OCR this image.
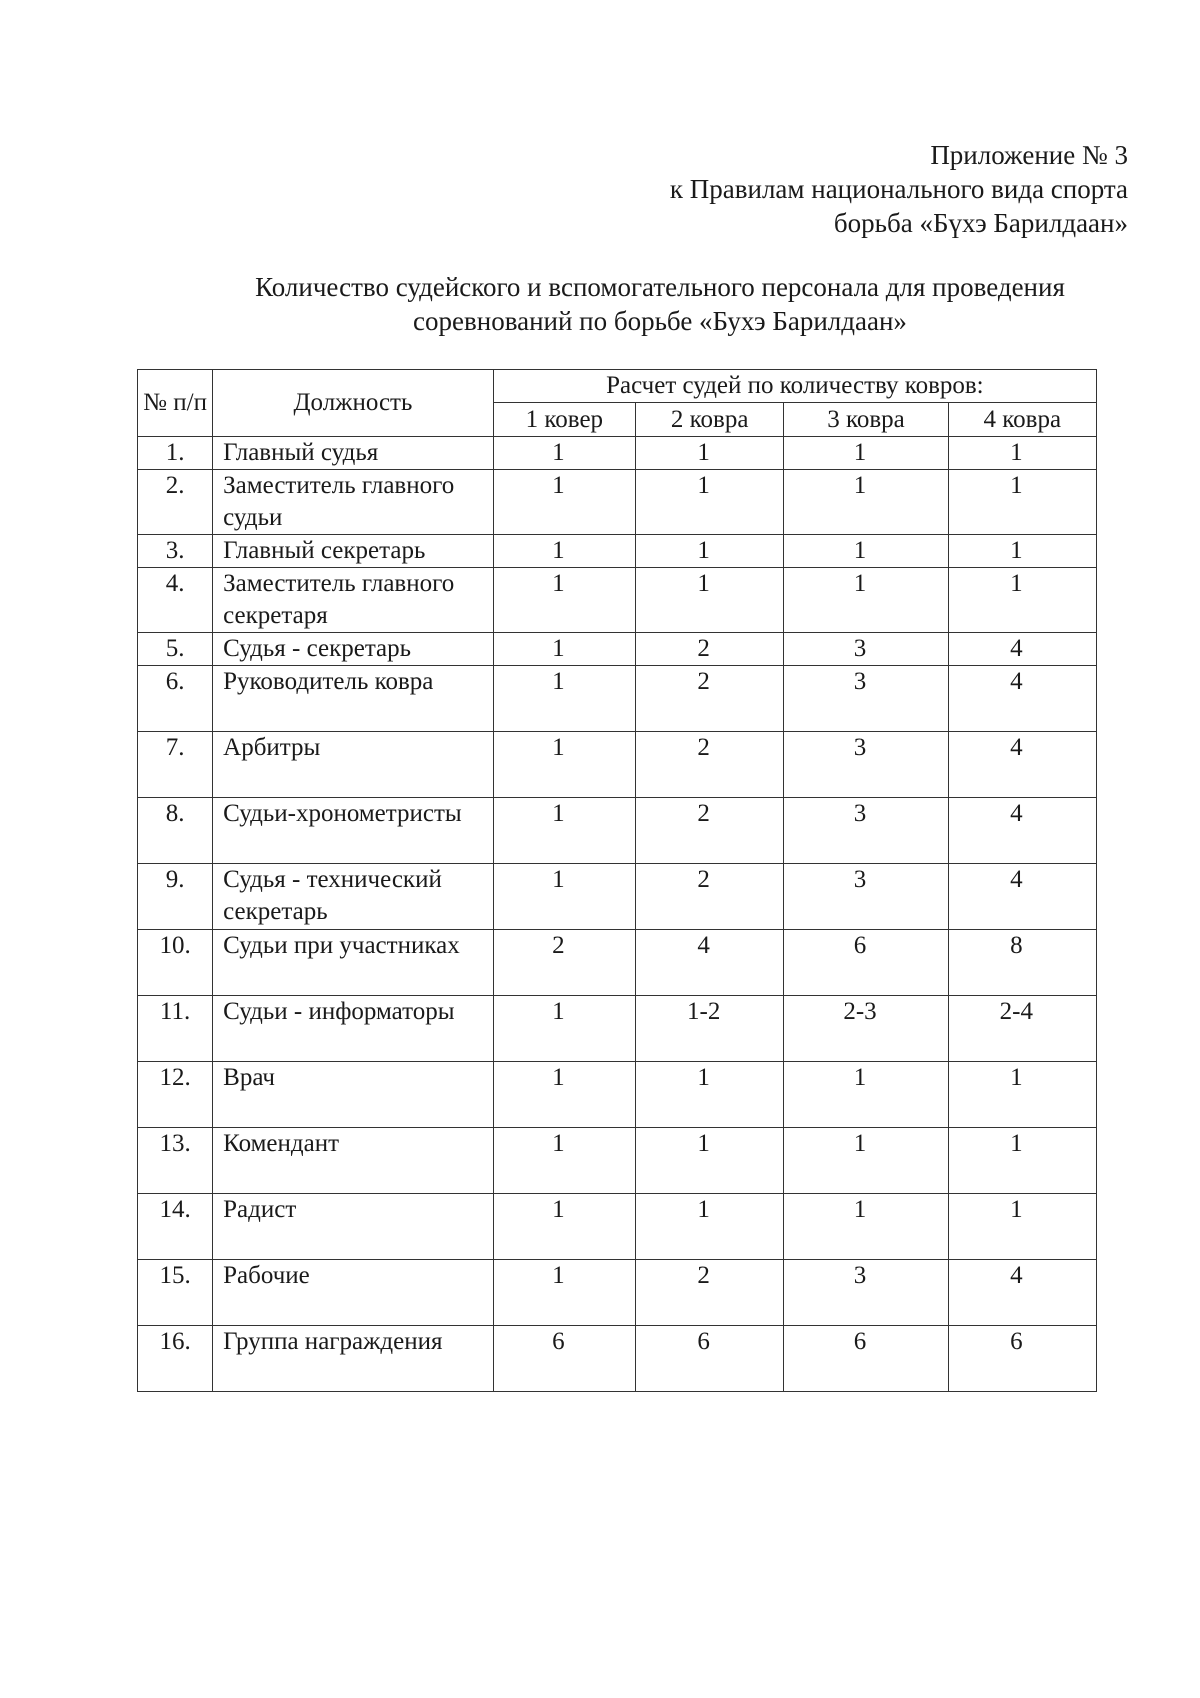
Приложение № 3
к Правилам национального вида спорта
борьба «Бүхэ Барилдаан»
Количество судейского и вспомогательного персонала для проведения
соревнований по борьбе «Бухэ Барилдаан»
№ п/п	Должность	Расчет судей по количеству ковров:			
		1 ковер	2 ковра	3 ковра	4 ковра
1.	Главный судья	1	1	1	1
2.	Заместитель главного судьи	1	1	1	1
3.	Главный секретарь	1	1	1	1
4.	Заместитель главного секретаря	1	1	1	1
5.	Судья - секретарь	1	2	3	4
6.	Руководитель ковра	1	2	3	4
7.	Арбитры	1	2	3	4
8.	Судьи-хронометристы	1	2	3	4
9.	Судья - технический секретарь	1	2	3	4
10.	Судьи при участниках	2	4	6	8
11.	Судьи - информаторы	1	1-2	2-3	2-4
12.	Врач	1	1	1	1
13.	Комендант	1	1	1	1
14.	Радист	1	1	1	1
15.	Рабочие	1	2	3	4
16.	Группа награждения	6	6	6	6
